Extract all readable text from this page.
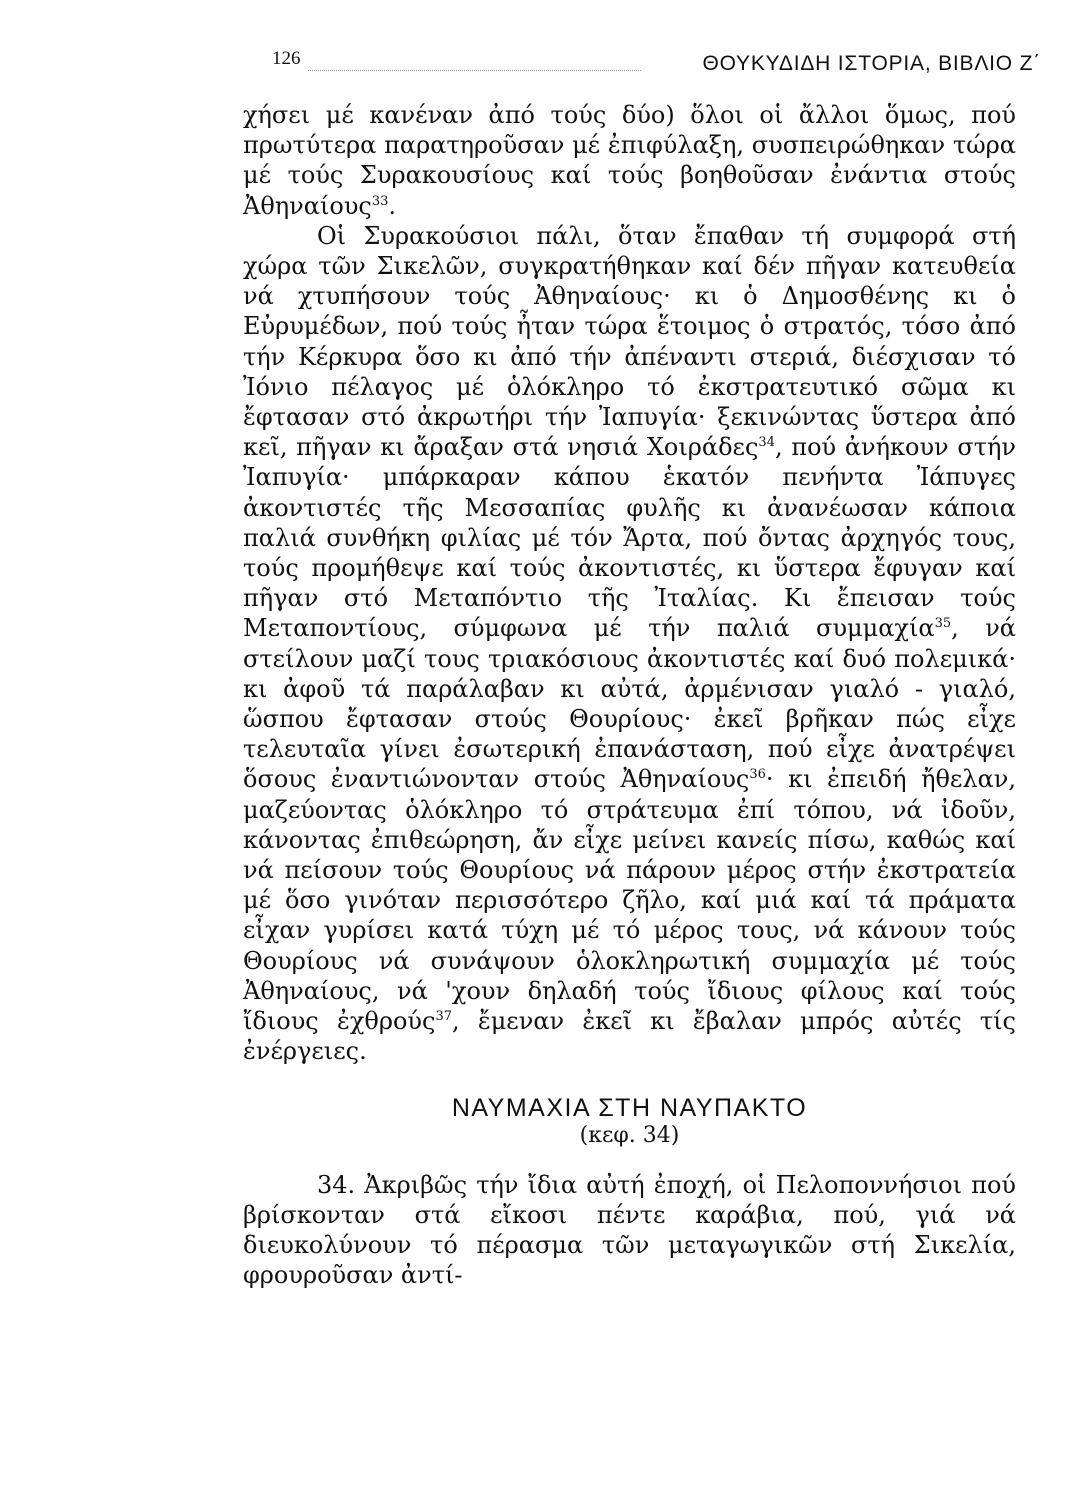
126	ΘΟΥΚΥΔΙΔΗ ΙΣΤΟΡΙΑ, ΒΙΒΛΙΟ Ζ΄

χήσει μέ κανέναν ἀπό τούς δύο) ὅλοι οἱ ἄλλοι ὅμως, πού πρωτύτερα παρατηροῦσαν μέ ἐπιφύλαξη, συσπειρώθηκαν τώρα μέ τούς Συρακουσίους καί τούς βοηθοῦσαν ἐνάντια στούς Ἀθηναίους$^{33}$.

Οἱ Συρακούσιοι πάλι, ὅταν ἔπαθαν τή συμφορά στή χώρα τῶν Σικελῶν, συγκρατήθηκαν καί δέν πῆγαν κατευθεία νά χτυπήσουν τούς Ἀθηναίους· κι ὁ Δημοσθένης κι ὁ Εὐρυμέδων, πού τούς ἦταν τώρα ἕτοιμος ὁ στρατός, τόσο ἀπό τήν Κέρκυρα ὅσο κι ἀπό τήν ἀπέναντι στεριά, διέσχισαν τό Ἰόνιο πέλαγος μέ ὁλόκληρο τό ἐκστρατευτικό σῶμα κι ἔφτασαν στό ἀκρωτήρι τήν Ἰαπυγία· ξεκινώντας ὕστερα ἀπό κεῖ, πῆγαν κι ἄραξαν στά νησιά Χοιράδες$^{34}$, πού ἀνήκουν στήν Ἰαπυγία· μπάρκαραν κάπου ἑκατόν πενήντα Ἰάπυγες ἀκοντιστές τῆς Μεσσαπίας φυλῆς κι ἀνανέωσαν κάποια παλιά συνθήκη φιλίας μέ τόν Ἄρτα, πού ὄντας ἀρχηγός τους, τούς προμήθεψε καί τούς ἀκοντιστές, κι ὕστερα ἔφυγαν καί πῆγαν στό Μεταπόντιο τῆς Ἰταλίας. Κι ἔπεισαν τούς Μεταποντίους, σύμφωνα μέ τήν παλιά συμμαχία$^{35}$, νά στείλουν μαζί τους τριακόσιους ἀκοντιστές καί δυό πολεμικά· κι ἀφοῦ τά παράλαβαν κι αὐτά, ἀρμένισαν γιαλό - γιαλό, ὥσπου ἔφτασαν στούς Θουρίους· ἐκεῖ βρῆκαν πώς εἶχε τελευταῖα γίνει ἐσωτερική ἐπανάσταση, πού εἶχε ἀνατρέψει ὅσους ἐναντιώνονταν στούς Ἀθηναίους$^{36}$· κι ἐπειδή ἤθελαν, μαζεύοντας ὁλόκληρο τό στράτευμα ἐπί τόπου, νά ἰδοῦν, κάνοντας ἐπιθεώρηση, ἄν εἶχε μείνει κανείς πίσω, καθώς καί νά πείσουν τούς Θουρίους νά πάρουν μέρος στήν ἐκστρατεία μέ ὅσο γινόταν περισσότερο ζῆλο, καί μιά καί τά πράματα εἶχαν γυρίσει κατά τύχη μέ τό μέρος τους, νά κάνουν τούς Θουρίους νά συνάψουν ὁλοκληρωτική συμμαχία μέ τούς Ἀθηναίους, νά 'χουν δηλαδή τούς ἴδιους φίλους καί τούς ἴδιους ἐχθρούς$^{37}$, ἔμεναν ἐκεῖ κι ἔβαλαν μπρός αὐτές τίς ἐνέργειες.

ΝΑΥΜΑΧΙΑ ΣΤΗ ΝΑΥΠΑΚΤΟ
(κεφ. 34)

34. Ἀκριβῶς τήν ἴδια αὐτή ἐποχή, οἱ Πελοποννήσιοι πού βρίσκονταν στά εἴκοσι πέντε καράβια, πού, γιά νά διευκολύνουν τό πέρασμα τῶν μεταγωγικῶν στή Σικελία, φρουροῦσαν ἀντί-
